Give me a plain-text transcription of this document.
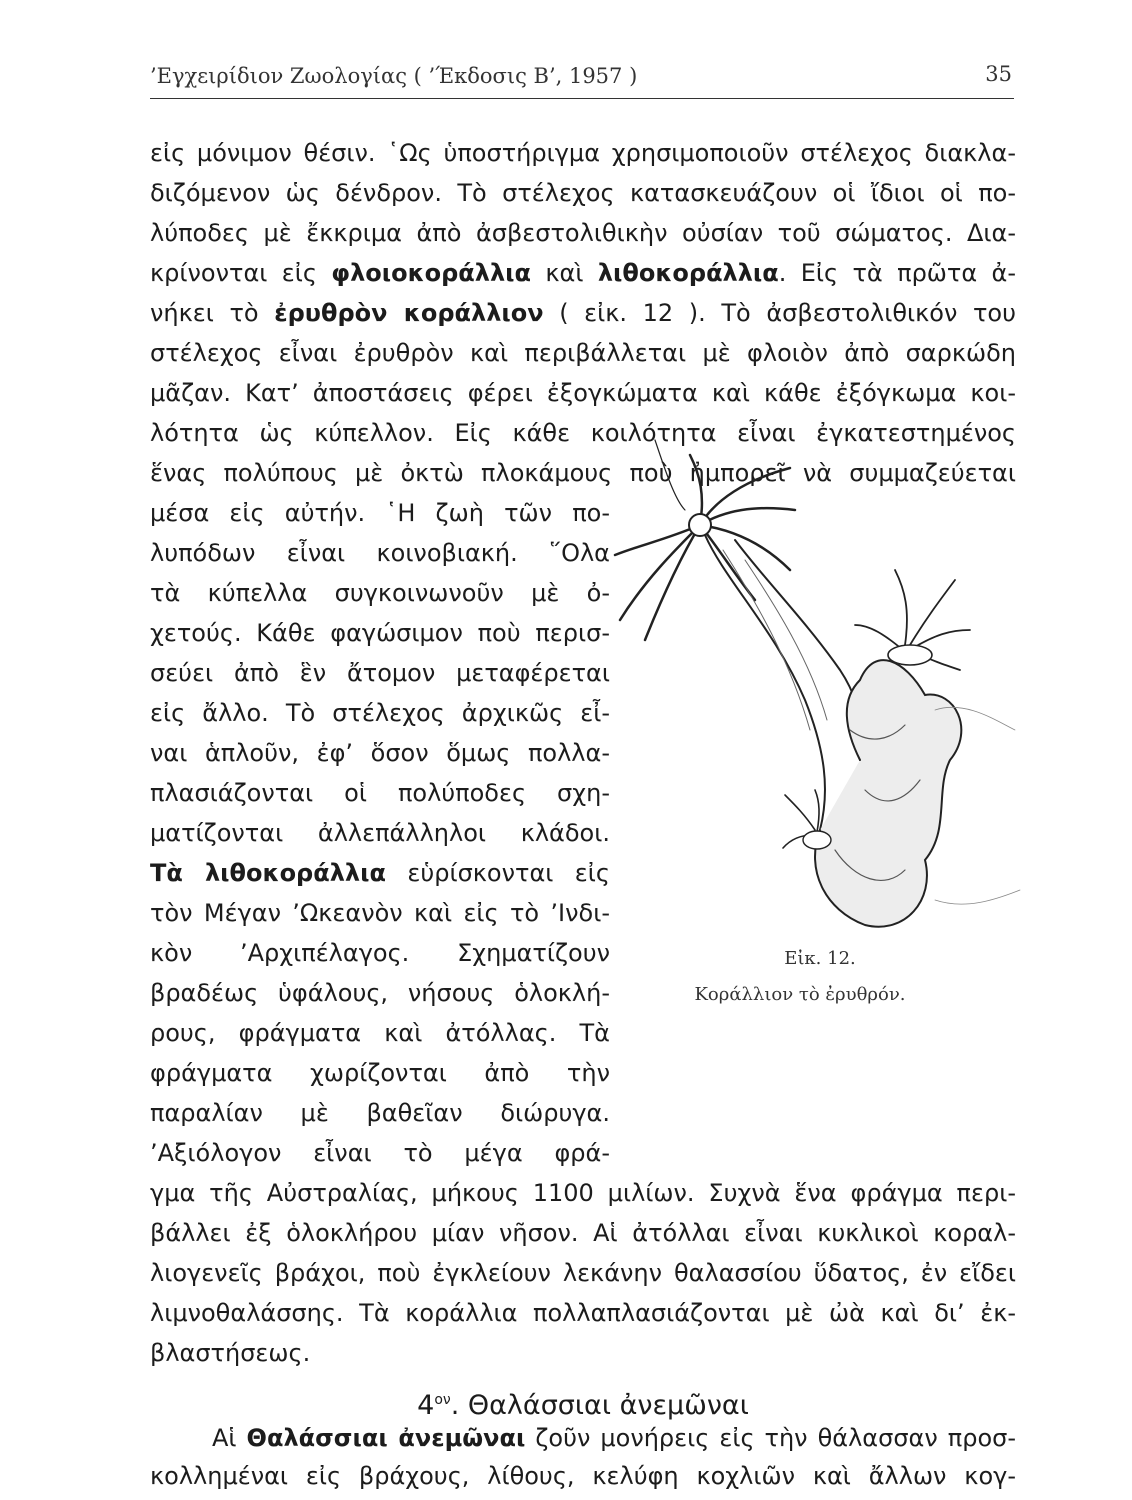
’Εγχειρίδιον Ζωολογίας ( ’Έκδοσις Β’, 1957 )	35
εἰς μόνιμον θέσιν. ῾Ως ὑποστήριγμα χρησιμοποιοῦν στέλεχος διακλα-
διζόμενον ὡς δένδρον. Τὸ στέλεχος κατασκευάζουν οἱ ἴδιοι οἱ πο-
λύποδες μὲ ἔκκριμα ἀπὸ ἀσβεστολιθικὴν οὐσίαν τοῦ σώματος. Δια-
κρίνονται εἰς φλοιοκοράλλια καὶ λιθοκοράλλια. Εἰς τὰ πρῶτα ἀ-
νήκει τὸ ἐρυθρὸν κοράλλιον ( εἰκ. 12 ). Τὸ ἀσβεστολιθικόν του
στέλεχος εἶναι ἐρυθρὸν καὶ περιβάλλεται μὲ φλοιὸν ἀπὸ σαρκώδη
μᾶζαν. Κατ’ ἀποστάσεις φέρει ἐξογκώματα καὶ κάθε ἐξόγκωμα κοι-
λότητα ὡς κύπελλον. Εἰς κάθε κοιλότητα εἶναι ἐγκατεστημένος
ἕνας πολύπους μὲ ὀκτὼ πλοκάμους ποὺ ἠμπορεῖ νὰ συμμαζεύεται
μέσα εἰς αὐτήν. ῾Η ζωὴ τῶν πο-
λυπόδων εἶναι κοινοβιακή. ῞Ολα
τὰ κύπελλα συγκοινωνοῦν μὲ ὀ-
χετούς. Κάθε φαγώσιμον ποὺ περισ-
σεύει ἀπὸ ἓν ἄτομον μεταφέρεται
εἰς ἄλλο. Τὸ στέλεχος ἀρχικῶς εἶ-
ναι ἁπλοῦν, ἐφ’ ὅσον ὅμως πολλα-
πλασιάζονται οἱ πολύποδες σχη-
ματίζονται ἀλλεπάλληλοι κλάδοι.
Τὰ λιθοκοράλλια εὑρίσκονται εἰς
τὸν Μέγαν ’Ωκεανὸν καὶ εἰς τὸ ’Ινδι-
κὸν ’Αρχιπέλαγος. Σχηματίζουν
βραδέως ὑφάλους, νήσους ὁλοκλή-
ρους, φράγματα καὶ ἀτόλλας. Τὰ
φράγματα χωρίζονται ἀπὸ τὴν
παραλίαν μὲ βαθεῖαν διώρυγα.
’Αξιόλογον εἶναι τὸ μέγα φρά-
γμα τῆς Αὐστραλίας, μήκους 1100 μιλίων. Συχνὰ ἕνα φράγμα περι-
Εἰκ. 12.
Κοράλλιον τὸ ἐρυθρόν.
βάλλει ἐξ ὁλοκλήρου μίαν νῆσον. Αἱ ἀτόλλαι εἶναι κυκλικοὶ κοραλ-
λιογενεῖς βράχοι, ποὺ ἐγκλείουν λεκάνην θαλασσίου ὕδατος, ἐν εἴδει
λιμνοθαλάσσης. Τὰ κοράλλια πολλαπλασιάζονται μὲ ὠὰ καὶ δι’ ἐκ-
βλαστήσεως.
$4^{o\nu}$. Θαλάσσιαι ἀνεμῶναι
Αἱ Θαλάσσιαι ἀνεμῶναι ζοῦν μονήρεις εἰς τὴν θάλασσαν προσ-
κολλημέναι εἰς βράχους, λίθους, κελύφη κοχλιῶν καὶ ἄλλων κογ-
